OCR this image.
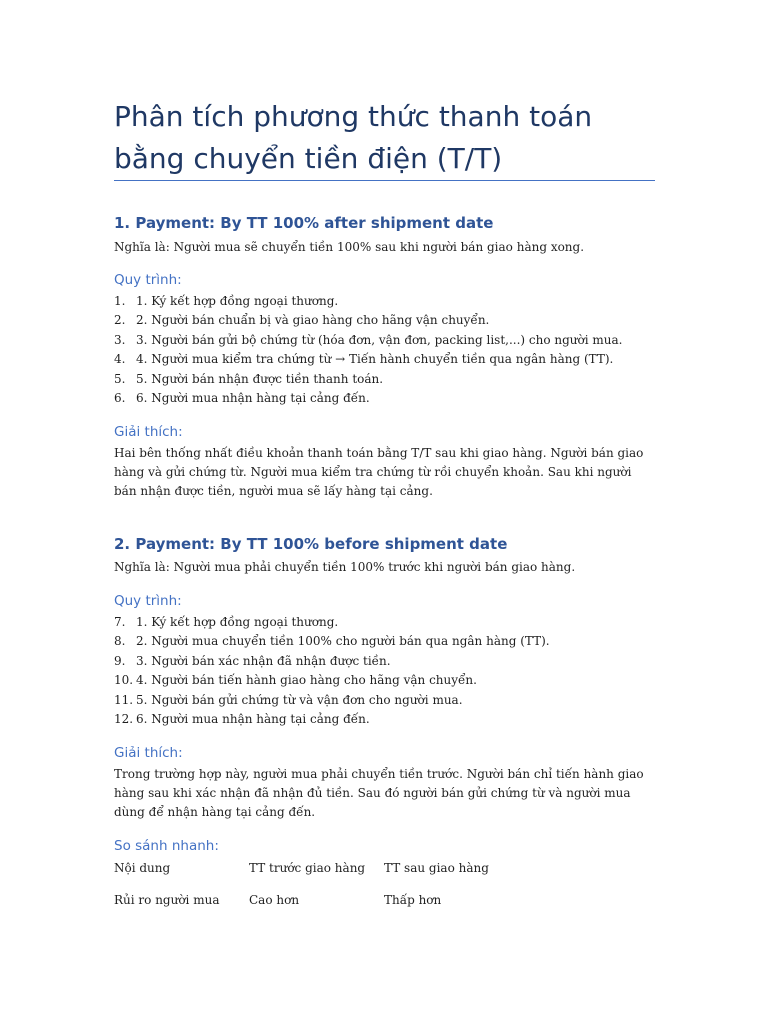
Phân tích phương thức thanh toán bằng chuyển tiền điện (T/T)
1. Payment: By TT 100% after shipment date

Nghĩa là: Người mua sẽ chuyển tiền 100% sau khi người bán giao hàng xong.

Quy trình:
1. 1. Ký kết hợp đồng ngoại thương.
2. 2. Người bán chuẩn bị và giao hàng cho hãng vận chuyển.
3. 3. Người bán gửi bộ chứng từ (hóa đơn, vận đơn, packing list,...) cho người mua.
4. 4. Người mua kiểm tra chứng từ → Tiến hành chuyển tiền qua ngân hàng (TT).
5. 5. Người bán nhận được tiền thanh toán.
6. 6. Người mua nhận hàng tại cảng đến.
Giải thích:

Hai bên thống nhất điều khoản thanh toán bằng T/T sau khi giao hàng. Người bán giao hàng và gửi chứng từ. Người mua kiểm tra chứng từ rồi chuyển khoản. Sau khi người bán nhận được tiền, người mua sẽ lấy hàng tại cảng.

2. Payment: By TT 100% before shipment date

Nghĩa là: Người mua phải chuyển tiền 100% trước khi người bán giao hàng.

Quy trình:
7. 1. Ký kết hợp đồng ngoại thương.
8. 2. Người mua chuyển tiền 100% cho người bán qua ngân hàng (TT).
9. 3. Người bán xác nhận đã nhận được tiền.
10. 4. Người bán tiến hành giao hàng cho hãng vận chuyển.
11. 5. Người bán gửi chứng từ và vận đơn cho người mua.
12. 6. Người mua nhận hàng tại cảng đến.
Giải thích:

Trong trường hợp này, người mua phải chuyển tiền trước. Người bán chỉ tiến hành giao hàng sau khi xác nhận đã nhận đủ tiền. Sau đó người bán gửi chứng từ và người mua dùng để nhận hàng tại cảng đến.

So sánh nhanh:
Nội dung	TT trước giao hàng TT sau giao hàng
Rủi ro người mua Cao hơn	Thấp hơn
